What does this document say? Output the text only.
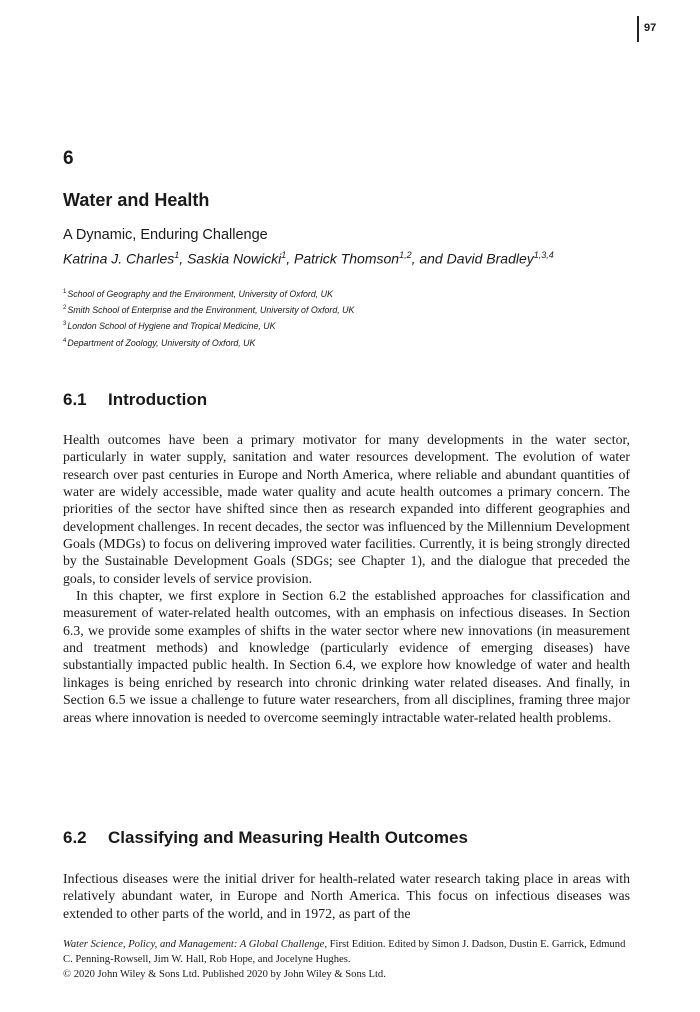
97
6
Water and Health
A Dynamic, Enduring Challenge
Katrina J. Charles$^1$, Saskia Nowicki$^1$, Patrick Thomson$^{1,2}$, and David Bradley$^{1,3,4}$
$^1$School of Geography and the Environment, University of Oxford, UK
$^2$Smith School of Enterprise and the Environment, University of Oxford, UK
$^3$London School of Hygiene and Tropical Medicine, UK
$^4$Department of Zoology, University of Oxford, UK
6.1 Introduction

Health outcomes have been a primary motivator for many developments in the water sector, particularly in water supply, sanitation and water resources development. The evolution of water research over past centuries in Europe and North America, where reliable and abundant quantities of water are widely accessible, made water quality and acute health outcomes a primary concern. The priorities of the sector have shifted since then as research expanded into different geographies and development challenges. In recent decades, the sector was influenced by the Millennium Development Goals (MDGs) to focus on delivering improved water facilities. Currently, it is being strongly directed by the Sustainable Development Goals (SDGs; see Chapter 1), and the dialogue that preceded the goals, to consider levels of service provision.

In this chapter, we first explore in Section 6.2 the established approaches for classification and measurement of water-related health outcomes, with an emphasis on infectious diseases. In Section 6.3, we provide some examples of shifts in the water sector where new innovations (in measurement and treatment methods) and knowledge (particularly evidence of emerging diseases) have substantially impacted public health. In Section 6.4, we explore how knowledge of water and health linkages is being enriched by research into chronic drinking water related diseases. And finally, in Section 6.5 we issue a challenge to future water researchers, from all disciplines, framing three major areas where innovation is needed to overcome seemingly intractable water-related health problems.

6.2 Classifying and Measuring Health Outcomes

Infectious diseases were the initial driver for health-related water research taking place in areas with relatively abundant water, in Europe and North America. This focus on infectious diseases was extended to other parts of the world, and in 1972, as part of the

Water Science, Policy, and Management: A Global Challenge, First Edition. Edited by Simon J. Dadson, Dustin E. Garrick, Edmund C. Penning-Rowsell, Jim W. Hall, Rob Hope, and Jocelyne Hughes.
© 2020 John Wiley & Sons Ltd. Published 2020 by John Wiley & Sons Ltd.
